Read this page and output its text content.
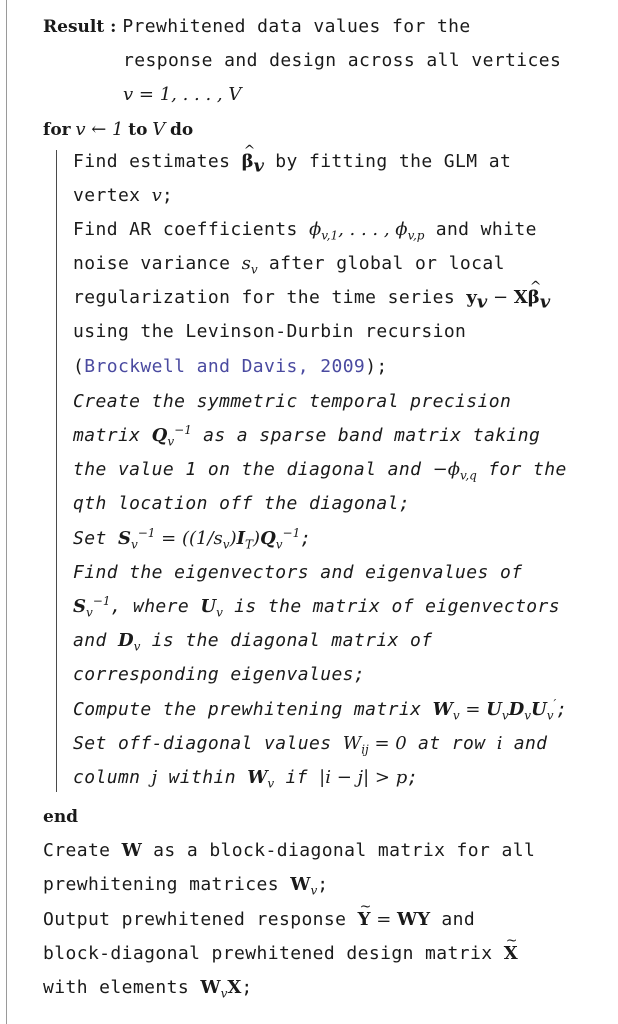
Result : Prewhitened data values for the
response and design across all vertices
v = 1, . . . , V
for v ← 1 to V do
Find estimates ^ $\beta_v$ by fitting the GLM at
vertex v;
Find AR coefficients $\phi_{v,1}$, . . . , $\phi_{v,p}$ and white
noise variance $s_v$ after global or local
regularization for the time series $y_v$ − X^ $\beta_v$
using the Levinson-Durbin recursion
(Brockwell and Davis, 2009);
Create the symmetric temporal precision
matrix $Q_v^{-1}$ as a sparse band matrix taking
the value 1 on the diagonal and $-\phi_{v,q}$ for the
qth location off the diagonal;
Set $S_v^{-1} = ((1/s_v)I_T)Q_v^{-1}$;
Find the eigenvectors and eigenvalues of
$S_v^{-1}$, where $U_v$ is the matrix of eigenvectors
and $D_v$ is the diagonal matrix of
corresponding eigenvalues;
Compute the prewhitening matrix $W_v = U_vD_vU_v'$;
Set off-diagonal values $W_{ij} = 0$ at row i and
column j within $W_v$ if |i − j| > p;
end
Create W as a block-diagonal matrix for all
prewhitening matrices $W_v$;
Output prewhitened response ~ Y = WY and
block-diagonal prewhitened design matrix ~ X
with elements $W_vX$;
